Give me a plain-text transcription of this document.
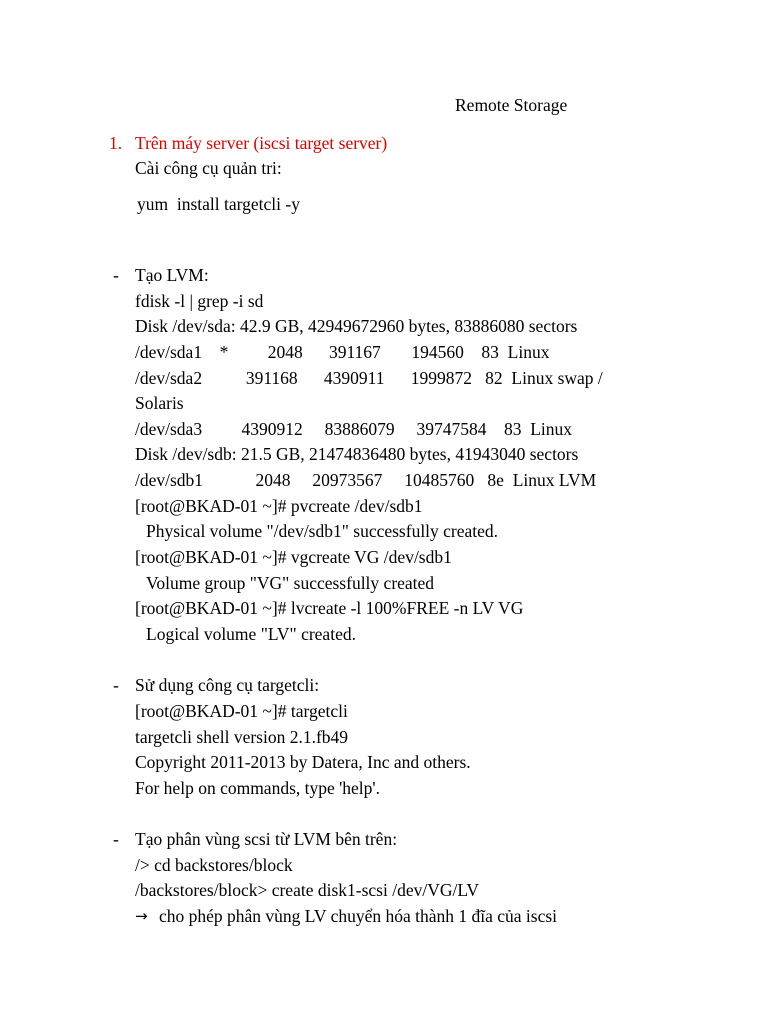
Remote Storage
1. Trên máy server (iscsi target server)
Cài công cụ quản tri:
yum  install targetcli -y
- Tạo LVM:
fdisk -l | grep -i sd
Disk /dev/sda: 42.9 GB, 42949672960 bytes, 83886080 sectors
/dev/sda1    *         2048      391167       194560    83  Linux
/dev/sda2          391168      4390911      1999872   82  Linux swap /
Solaris
/dev/sda3         4390912     83886079     39747584    83  Linux
Disk /dev/sdb: 21.5 GB, 21474836480 bytes, 41943040 sectors
/dev/sdb1            2048     20973567     10485760   8e  Linux LVM
[root@BKAD-01 ~]# pvcreate /dev/sdb1
Physical volume "/dev/sdb1" successfully created.
[root@BKAD-01 ~]# vgcreate VG /dev/sdb1
Volume group "VG" successfully created
[root@BKAD-01 ~]# lvcreate -l 100%FREE -n LV VG
Logical volume "LV" created.
- Sử dụng công cụ targetcli:
[root@BKAD-01 ~]# targetcli
targetcli shell version 2.1.fb49
Copyright 2011-2013 by Datera, Inc and others.
For help on commands, type 'help'.
- Tạo phân vùng scsi từ LVM bên trên:
/> cd backstores/block
/backstores/block> create disk1-scsi /dev/VG/LV
→ cho phép phân vùng LV chuyển hóa thành 1 đĩa của iscsi
